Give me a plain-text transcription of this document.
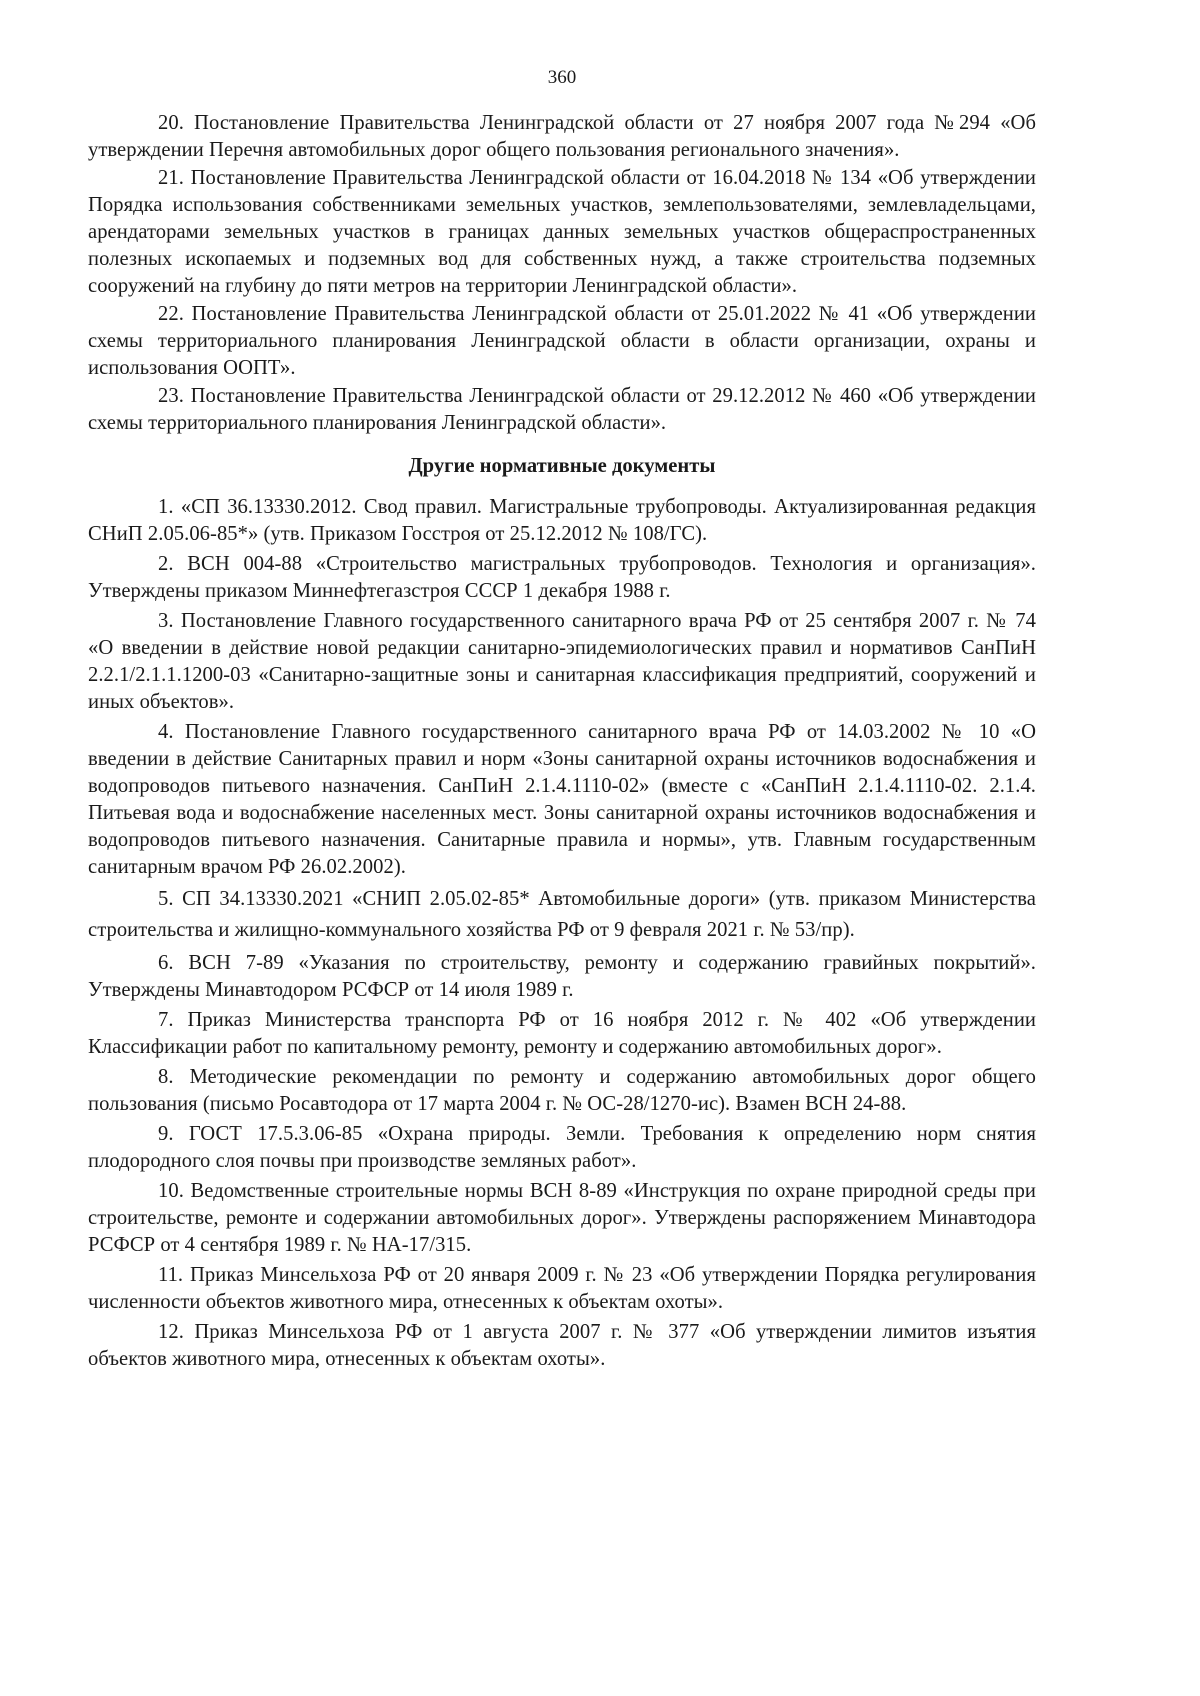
360

20. Постановление Правительства Ленинградской области от 27 ноября 2007 года №294 «Об утверждении Перечня автомобильных дорог общего пользования регионального значения».

21. Постановление Правительства Ленинградской области от 16.04.2018 № 134 «Об утверждении Порядка использования собственниками земельных участков, землепользователями, землевладельцами, арендаторами земельных участков в границах данных земельных участков общераспространенных полезных ископаемых и подземных вод для собственных нужд, а также строительства подземных сооружений на глубину до пяти метров на территории Ленинградской области».

22. Постановление Правительства Ленинградской области от 25.01.2022 № 41 «Об утверждении схемы территориального планирования Ленинградской области в области организации, охраны и использования ООПТ».

23. Постановление Правительства Ленинградской области от 29.12.2012 № 460 «Об утверждении схемы территориального планирования Ленинградской области».

Другие нормативные документы

1. «СП 36.13330.2012. Свод правил. Магистральные трубопроводы. Актуализированная редакция СНиП 2.05.06-85*» (утв. Приказом Госстроя от 25.12.2012 № 108/ГС).

2. ВСН 004-88 «Строительство магистральных трубопроводов. Технология и организация». Утверждены приказом Миннефтегазстроя СССР 1 декабря 1988 г.

3. Постановление Главного государственного санитарного врача РФ от 25 сентября 2007 г. № 74 «О введении в действие новой редакции санитарно-эпидемиологических правил и нормативов СанПиН 2.2.1/2.1.1.1200-03 «Санитарно-защитные зоны и санитарная классификация предприятий, сооружений и иных объектов».

4. Постановление Главного государственного санитарного врача РФ от 14.03.2002 № 10 «О введении в действие Санитарных правил и норм «Зоны санитарной охраны источников водоснабжения и водопроводов питьевого назначения. СанПиН 2.1.4.1110-02» (вместе с «СанПиН 2.1.4.1110-02. 2.1.4. Питьевая вода и водоснабжение населенных мест. Зоны санитарной охраны источников водоснабжения и водопроводов питьевого назначения. Санитарные правила и нормы», утв. Главным государственным санитарным врачом РФ 26.02.2002).

5. СП 34.13330.2021 «СНИП 2.05.02-85* Автомобильные дороги» (утв. приказом Министерства строительства и жилищно-коммунального хозяйства РФ от 9 февраля 2021 г. № 53/пр).

6. ВСН 7-89 «Указания по строительству, ремонту и содержанию гравийных покрытий». Утверждены Минавтодором РСФСР от 14 июля 1989 г.

7. Приказ Министерства транспорта РФ от 16 ноября 2012 г. № 402 «Об утверждении Классификации работ по капитальному ремонту, ремонту и содержанию автомобильных дорог».

8. Методические рекомендации по ремонту и содержанию автомобильных дорог общего пользования (письмо Росавтодора от 17 марта 2004 г. № ОС-28/1270-ис). Взамен ВСН 24-88.

9. ГОСТ 17.5.3.06-85 «Охрана природы. Земли. Требования к определению норм снятия плодородного слоя почвы при производстве земляных работ».

10. Ведомственные строительные нормы ВСН 8-89 «Инструкция по охране природной среды при строительстве, ремонте и содержании автомобильных дорог». Утверждены распоряжением Минавтодора РСФСР от 4 сентября 1989 г. № НА-17/315.

11. Приказ Минсельхоза РФ от 20 января 2009 г. № 23 «Об утверждении Порядка регулирования численности объектов животного мира, отнесенных к объектам охоты».

12. Приказ Минсельхоза РФ от 1 августа 2007 г. № 377 «Об утверждении лимитов изъятия объектов животного мира, отнесенных к объектам охоты».
